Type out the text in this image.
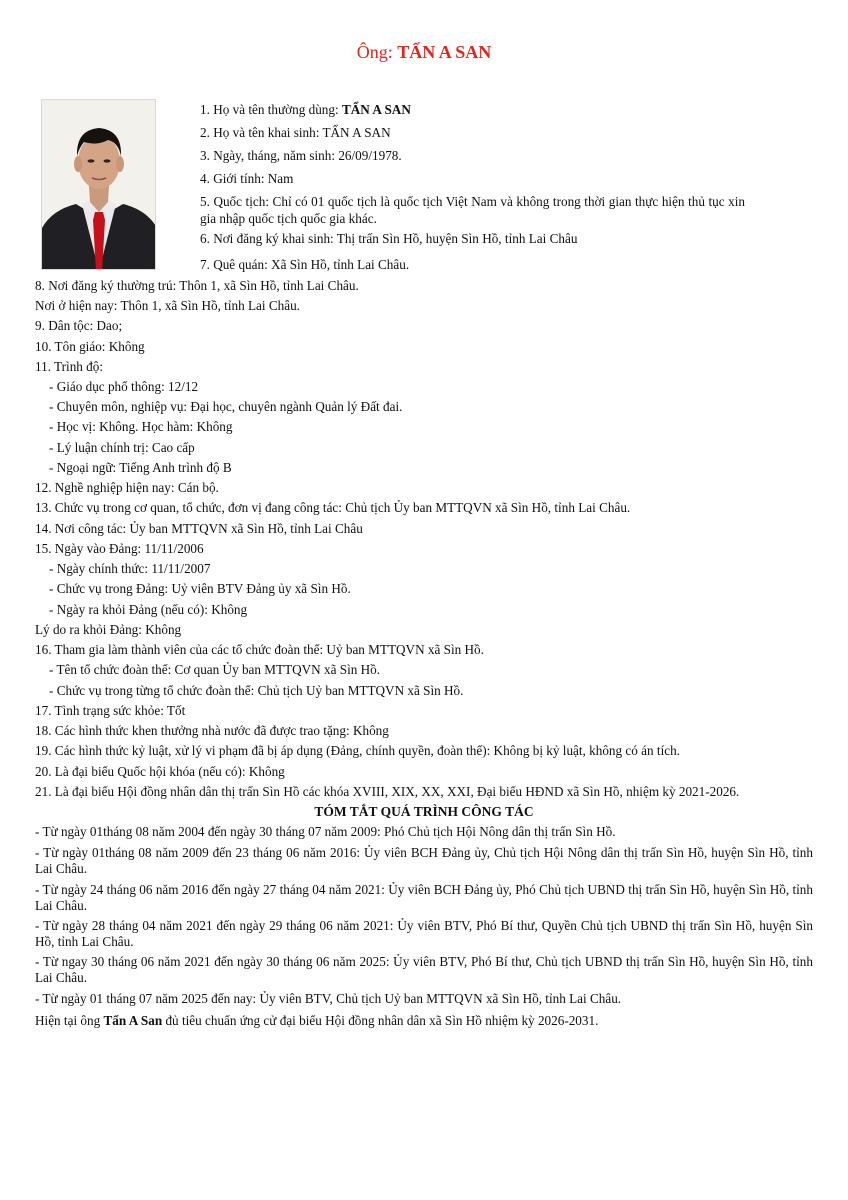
Ông: TẨN A SAN
1. Họ và tên thường dùng: TẨN A SAN
2. Họ và tên khai sinh: TẨN A SAN
3. Ngày, tháng, năm sinh: 26/09/1978.
4. Giới tính: Nam
5. Quốc tịch: Chỉ có 01 quốc tịch là quốc tịch Việt Nam và không trong thời gian thực hiện thủ tục xin gia nhập quốc tịch quốc gia khác.
6. Nơi đăng ký khai sinh: Thị trấn Sìn Hồ, huyện Sìn Hồ, tỉnh Lai Châu
7. Quê quán: Xã Sìn Hồ, tỉnh Lai Châu.
8. Nơi đăng ký thường trú: Thôn 1, xã Sìn Hồ, tỉnh Lai Châu.
Nơi ở hiện nay: Thôn 1, xã Sìn Hồ, tỉnh Lai Châu.
9. Dân tộc: Dao;
10. Tôn giáo: Không
11. Trình độ:
- Giáo dục phổ thông: 12/12
- Chuyên môn, nghiệp vụ: Đại học, chuyên ngành Quản lý Đất đai.
- Học vị: Không. Học hàm: Không
- Lý luận chính trị: Cao cấp
- Ngoại ngữ: Tiếng Anh trình độ B
12. Nghề nghiệp hiện nay: Cán bộ.
13. Chức vụ trong cơ quan, tổ chức, đơn vị đang công tác: Chủ tịch Ủy ban MTTQVN xã Sìn Hồ, tỉnh Lai Châu.
14. Nơi công tác: Ủy ban MTTQVN xã Sìn Hồ, tỉnh Lai Châu
15. Ngày vào Đảng: 11/11/2006
- Ngày chính thức: 11/11/2007
- Chức vụ trong Đảng: Uỷ viên BTV Đảng ủy xã Sìn Hồ.
- Ngày ra khỏi Đảng (nếu có): Không
Lý do ra khỏi Đảng: Không
16. Tham gia làm thành viên của các tổ chức đoàn thể: Uỷ ban MTTQVN xã Sìn Hồ.
- Tên tổ chức đoàn thể: Cơ quan Ủy ban MTTQVN xã Sìn Hồ.
- Chức vụ trong từng tổ chức đoàn thể: Chủ tịch Uỷ ban MTTQVN xã Sìn Hồ.
17. Tình trạng sức khỏe: Tốt
18. Các hình thức khen thưởng nhà nước đã được trao tặng: Không
19. Các hình thức kỷ luật, xử lý vi phạm đã bị áp dụng (Đảng, chính quyền, đoàn thể): Không bị kỷ luật, không có án tích.
20. Là đại biểu Quốc hội khóa (nếu có): Không
21. Là đại biểu Hội đồng nhân dân thị trấn Sìn Hồ các khóa XVIII, XIX, XX, XXI, Đại biểu HĐND xã Sìn Hồ, nhiệm kỳ 2021-2026.
TÓM TẮT QUÁ TRÌNH CÔNG TÁC
- Từ ngày 01tháng 08 năm 2004 đến ngày 30 tháng 07 năm 2009: Phó Chủ tịch Hội Nông dân thị trấn Sìn Hồ.
- Từ ngày 01tháng 08 năm 2009 đến 23 tháng 06 năm 2016: Ủy viên BCH Đảng ủy, Chủ tịch Hội Nông dân thị trấn Sìn Hồ, huyện Sìn Hồ, tỉnh Lai Châu.
- Từ ngày 24 tháng 06 năm 2016 đến ngày 27 tháng 04 năm 2021: Ủy viên BCH Đảng ủy, Phó Chủ tịch UBND thị trấn Sìn Hồ, huyện Sìn Hồ, tỉnh Lai Châu.
- Từ ngày 28 tháng 04 năm 2021 đến ngày 29 tháng 06 năm 2021: Ủy viên BTV, Phó Bí thư, Quyền Chủ tịch UBND thị trấn Sìn Hồ, huyện Sìn Hồ, tỉnh Lai Châu.
- Từ ngay 30 tháng 06 năm 2021 đến ngày 30 tháng 06 năm 2025: Ủy viên BTV, Phó Bí thư, Chủ tịch UBND thị trấn Sìn Hồ, huyện Sìn Hồ, tỉnh Lai Châu.
- Từ ngày 01 tháng 07 năm 2025 đến nay: Ủy viên BTV, Chủ tịch Uỷ ban MTTQVN xã Sìn Hồ, tỉnh Lai Châu.
Hiện tại ông Tẩn A San đủ tiêu chuẩn ứng cử đại biểu Hội đồng nhân dân xã Sìn Hồ nhiệm kỳ 2026-2031.
